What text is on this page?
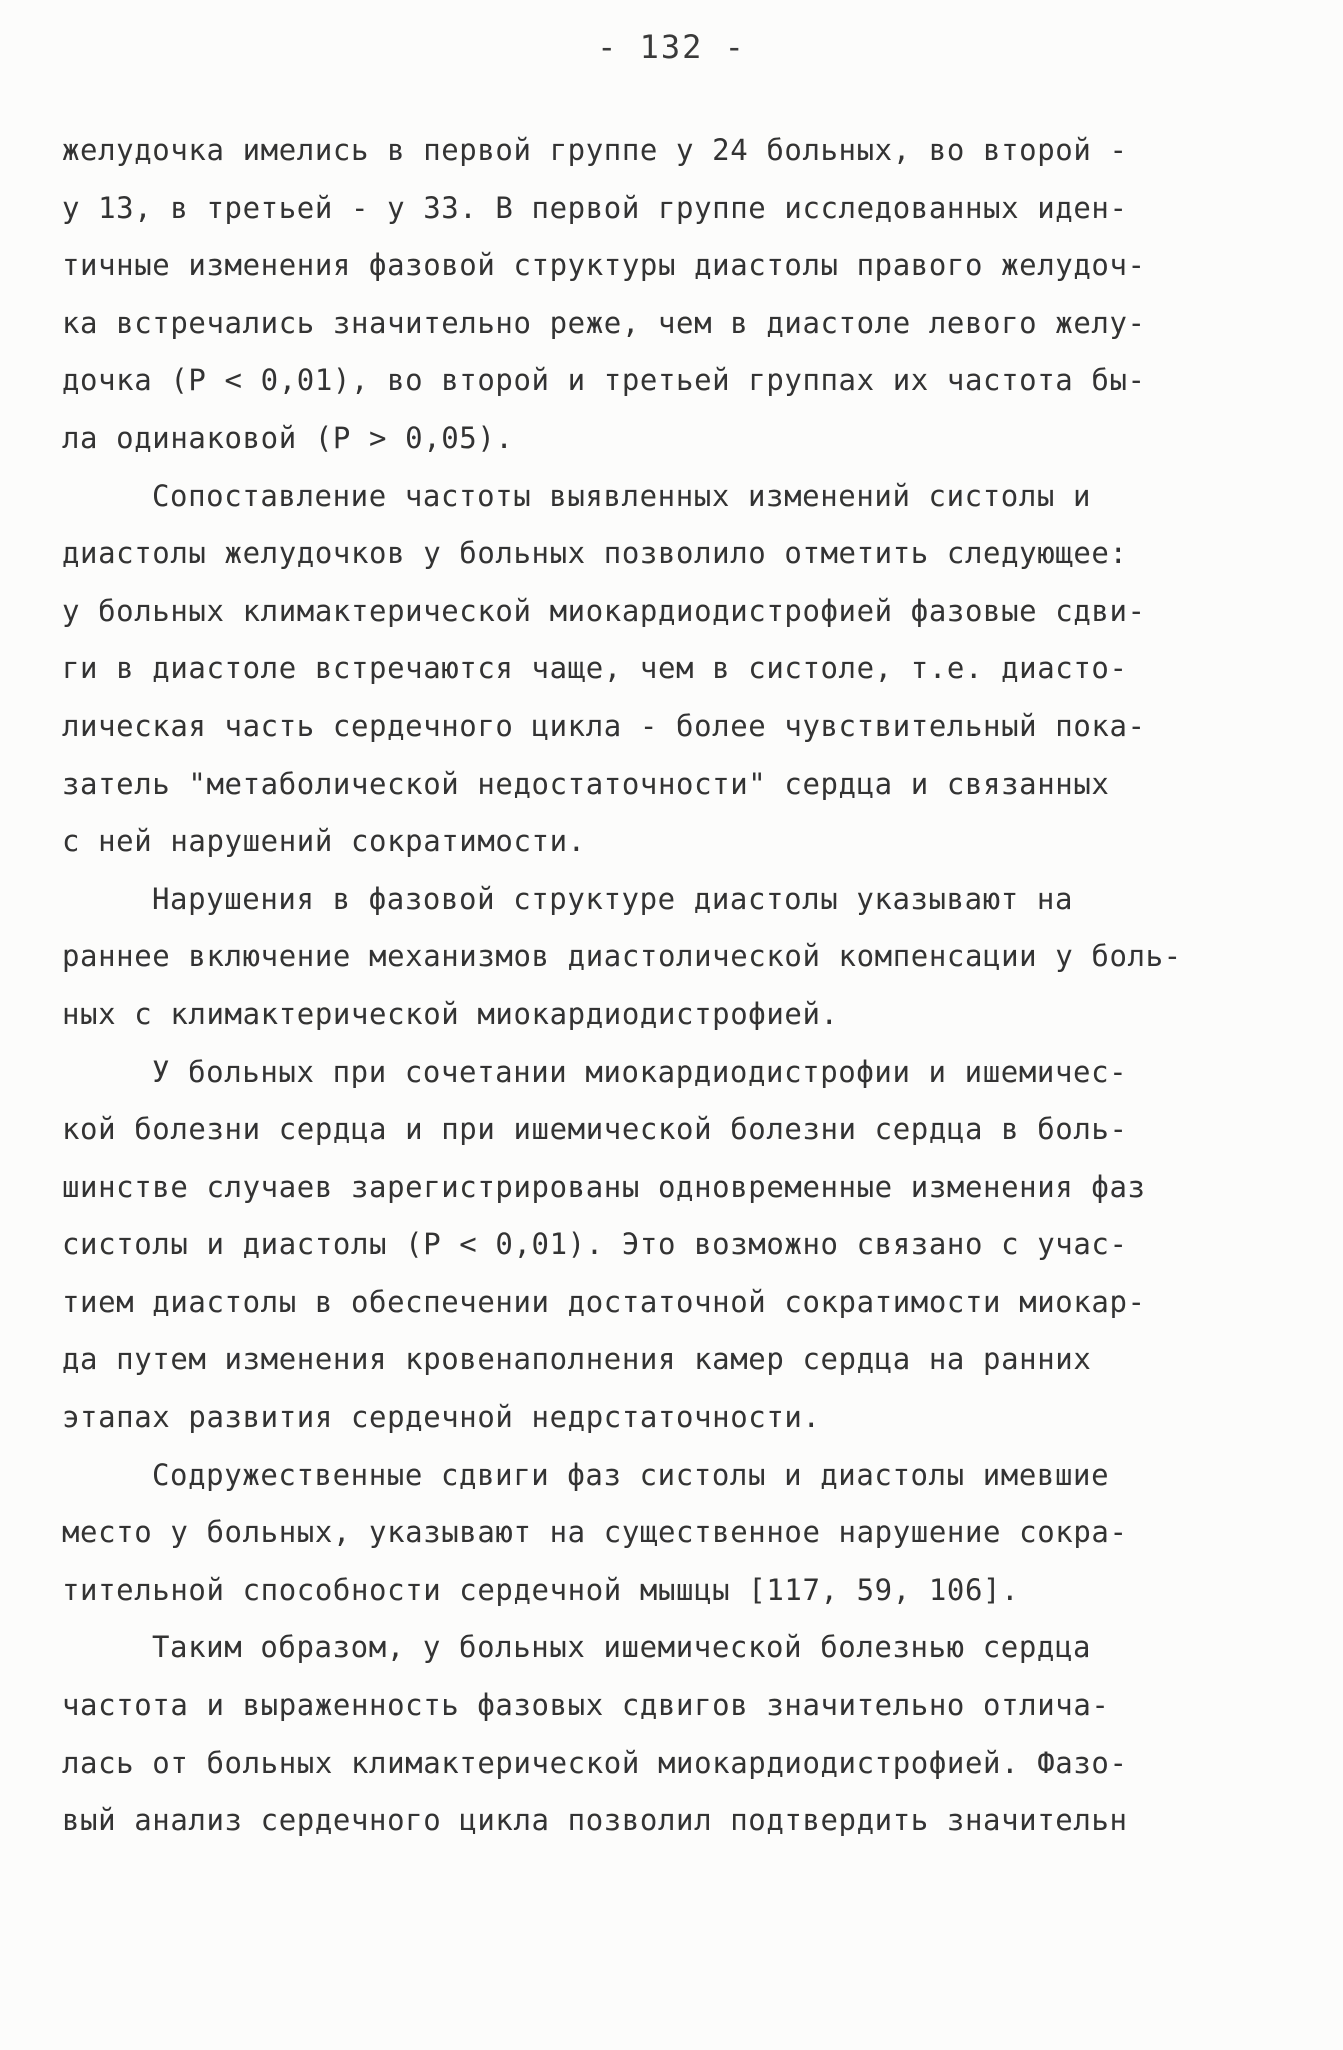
- 132 -
желудочка имелись в первой группе у 24 больных, во второй -
у 13, в третьей - у 33. В первой группе исследованных иден-
тичные изменения фазовой структуры диастолы правого желудоч-
ка встречались значительно реже, чем в диастоле левого желу-
дочка (Р < 0,01), во второй и третьей группах их частота бы-
ла одинаковой (Р > 0,05).
Сопоставление частоты выявленных изменений систолы и
диастолы желудочков у больных позволило отметить следующее:
у больных климактерической миокардиодистрофией фазовые сдви-
ги в диастоле встречаются чаще, чем в систоле, т.е. диасто-
лическая часть сердечного цикла - более чувствительный пока-
затель "метаболической недостаточности" сердца и связанных
с ней нарушений сократимости.
Нарушения в фазовой структуре диастолы указывают на
раннее включение механизмов диастолической компенсации у боль-
ных с климактерической миокардиодистрофией.
У больных при сочетании миокардиодистрофии и ишемичес-
кой болезни сердца и при ишемической болезни сердца в боль-
шинстве случаев зарегистрированы одновременные изменения фаз
систолы и диастолы (Р < 0,01). Это возможно связано с учас-
тием диастолы в обеспечении достаточной сократимости миокар-
да путем изменения кровенаполнения камер сердца на ранних
этапах развития сердечной недрстаточности.
Содружественные сдвиги фаз систолы и диастолы имевшие
место у больных, указывают на существенное нарушение сокра-
тительной способности сердечной мышцы [117, 59, 106].
Таким образом, у больных ишемической болезнью сердца
частота и выраженность фазовых сдвигов значительно отлича-
лась от больных климактерической миокардиодистрофией. Фазо-
вый анализ сердечного цикла позволил подтвердить значительн
